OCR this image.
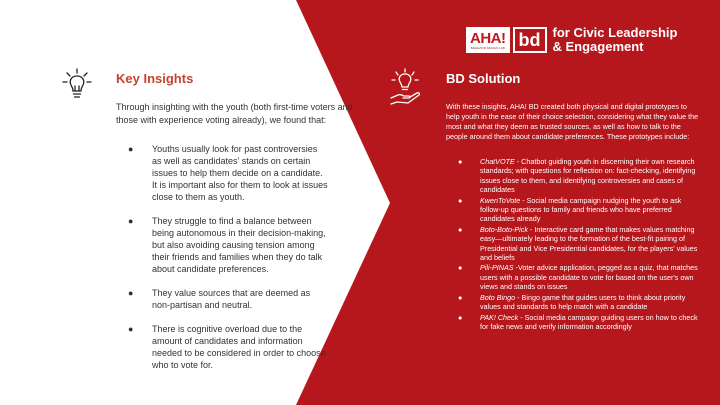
AHA!
BEHAVIOR DESIGN LAB bd for Civic Leadership
& Engagement
Key Insights
Through insighting with the youth (both first-time voters and those with experience voting already), we found that:
● Youths usually look for past controversies as well as candidates' stands on certain issues to help them decide on a candidate. It is important also for them to look at issues close to them as youth.
● They struggle to find a balance between being autonomous in their decision-making, but also avoiding causing tension among their friends and families when they do talk about candidate preferences.
● They value sources that are deemed as non-partisan and neutral.
● There is cognitive overload due to the amount of candidates and information needed to be considered in order to choose who to vote for.
BD Solution
With these insights, AHA! BD created both physical and digital prototypes to help youth in the ease of their choice selection, considering what they value the most and what they deem as trusted sources, as well as how to talk to the people around them about candidate preferences. These prototypes include:
● ChatVOTE - Chatbot guiding youth in discerning their own research standards; with questions for reflection on: fact-checking, identifying issues close to them, and identifying controversies and cases of candidates
● KwenToVote - Social media campaign nudging the youth to ask follow-up questions to family and friends who have preferred candidates already
● Boto-Boto-Pick - Interactive card game that makes values matching easy—ultimately leading to the formation of the best-fit pairing of Presidential and Vice Presidential candidates, for the players' values and beliefs
● Pili-PINAS -Voter advice application, pegged as a quiz, that matches users with a possible candidate to vote for based on the user's own views and stands on issues
● Boto Bingo - Bingo game that guides users to think about priority values and standards to help match with a candidate
● PAK! Check - Social media campaign guiding users on how to check for fake news and verify information accordingly
